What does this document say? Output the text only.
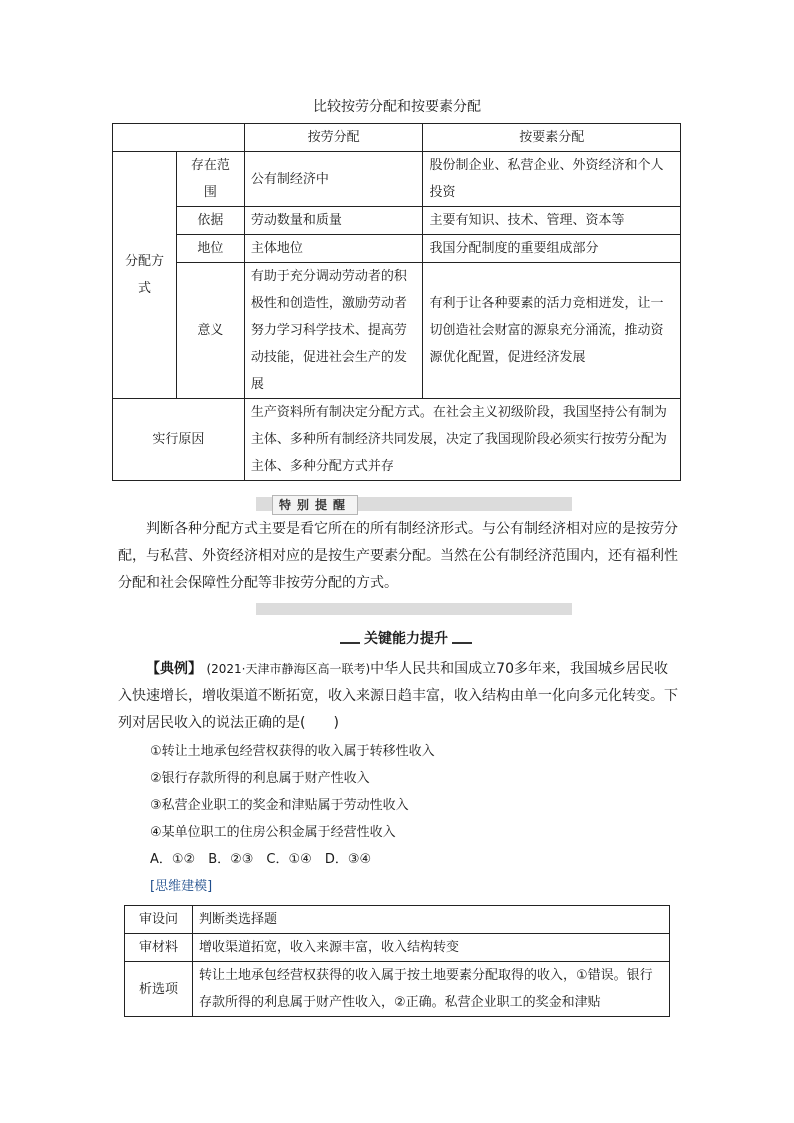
比较按劳分配和按要素分配
		按劳分配	按要素分配
分配方式	存在范围	公有制经济中	股份制企业、私营企业、外资经济和个人投资
	依据	劳动数量和质量	主要有知识、技术、管理、资本等
	地位	主体地位	我国分配制度的重要组成部分
	意义	有助于充分调动劳动者的积极性和创造性，激励劳动者努力学习科学技术、提高劳动技能，促进社会生产的发展	有利于让各种要素的活力竞相迸发，让一切创造社会财富的源泉充分涌流，推动资源优化配置，促进经济发展
实行原因		生产资料所有制决定分配方式。在社会主义初级阶段，我国坚持公有制为主体、多种所有制经济共同发展，决定了我国现阶段必须实行按劳分配为主体、多种分配方式并存	
特别提醒
判断各种分配方式主要是看它所在的所有制经济形式。与公有制经济相对应的是按劳分配，与私营、外资经济相对应的是按生产要素分配。当然在公有制经济范围内，还有福利性分配和社会保障性分配等非按劳分配的方式。
关键能力提升
【典例】 (2021·天津市静海区高一联考)中华人民共和国成立70多年来，我国城乡居民收入快速增长，增收渠道不断拓宽，收入来源日趋丰富，收入结构由单一化向多元化转变。下列对居民收入的说法正确的是(　　)
①转让土地承包经营权获得的收入属于转移性收入
②银行存款所得的利息属于财产性收入
③私营企业职工的奖金和津贴属于劳动性收入
④某单位职工的住房公积金属于经营性收入
A．①②　B．②③　C．①④　D．③④
[思维建模]
审设问	判断类选择题
审材料	增收渠道拓宽，收入来源丰富，收入结构转变
析选项	转让土地承包经营权获得的收入属于按土地要素分配取得的收入，①错误。银行存款所得的利息属于财产性收入，②正确。私营企业职工的奖金和津贴
